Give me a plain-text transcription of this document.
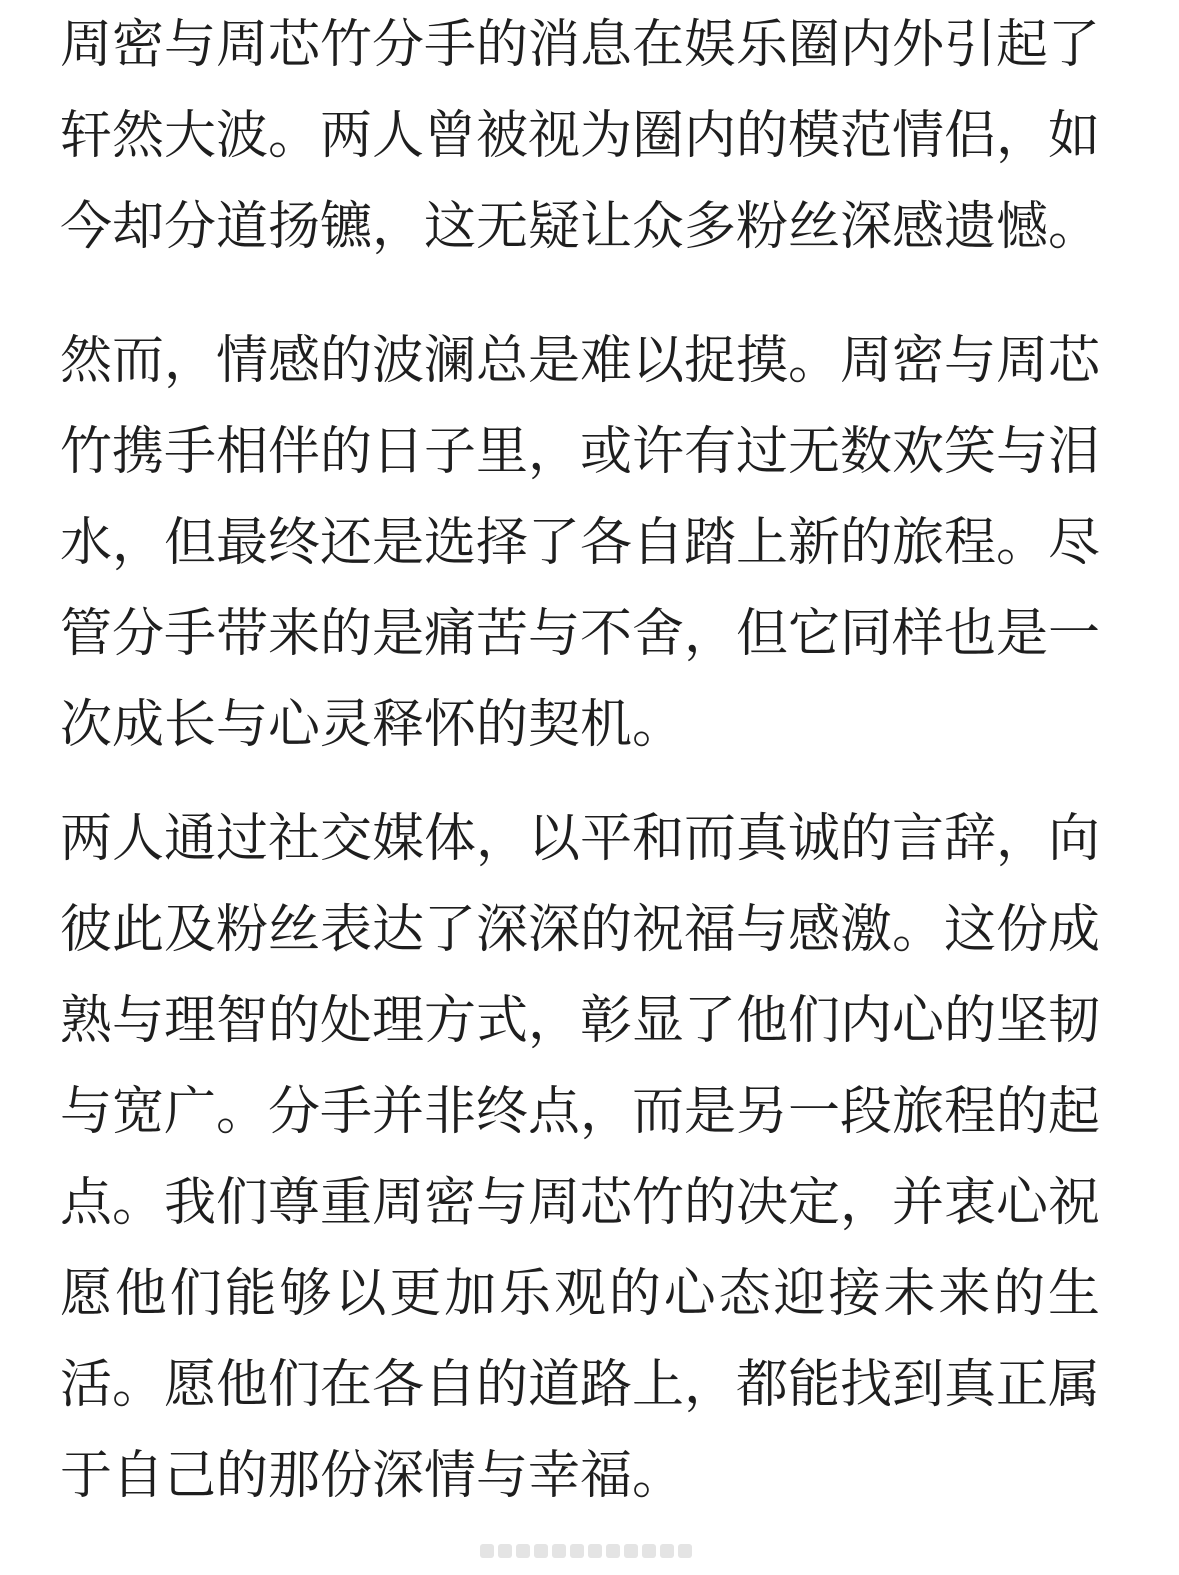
周密与周芯竹分手的消息在娱乐圈内外引起了
轩然大波。两人曾被视为圈内的模范情侣，如
今却分道扬镳，这无疑让众多粉丝深感遗憾。

然而，情感的波澜总是难以捉摸。周密与周芯
竹携手相伴的日子里，或许有过无数欢笑与泪
水，但最终还是选择了各自踏上新的旅程。尽
管分手带来的是痛苦与不舍，但它同样也是一
次成长与心灵释怀的契机。

两人通过社交媒体，以平和而真诚的言辞，向
彼此及粉丝表达了深深的祝福与感激。这份成
熟与理智的处理方式，彰显了他们内心的坚韧
与宽广。分手并非终点，而是另一段旅程的起
点。我们尊重周密与周芯竹的决定，并衷心祝
愿他们能够以更加乐观的心态迎接未来的生
活。愿他们在各自的道路上，都能找到真正属
于自己的那份深情与幸福。
